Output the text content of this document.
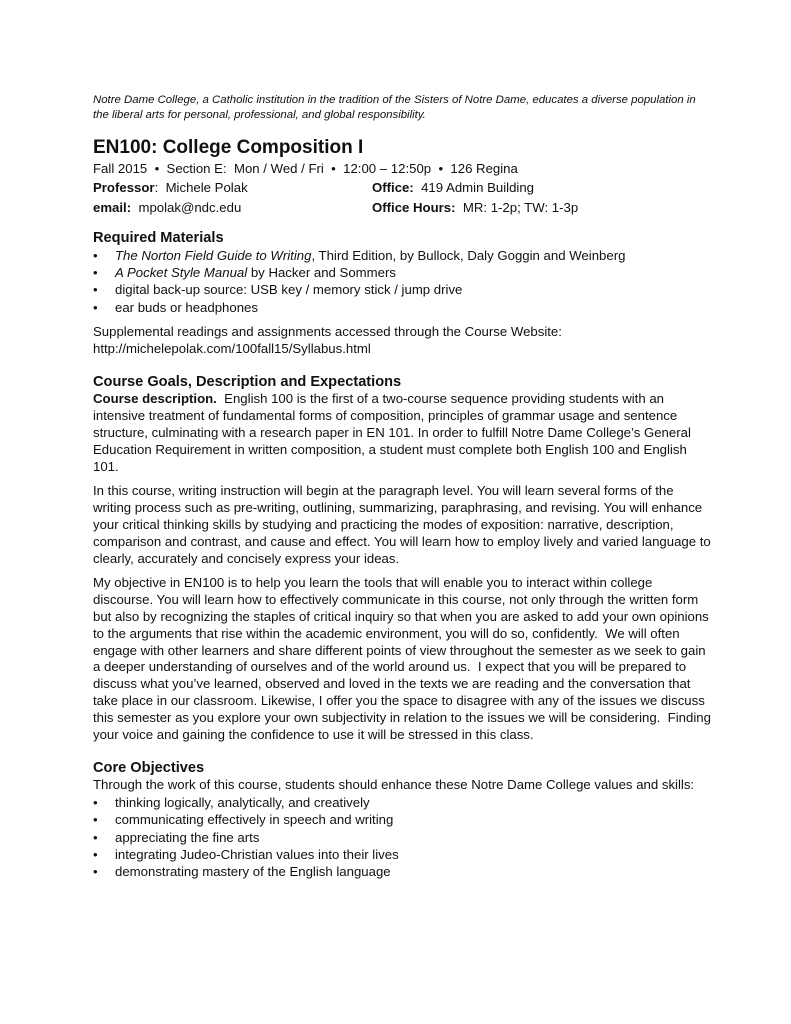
Notre Dame College, a Catholic institution in the tradition of the Sisters of Notre Dame, educates a diverse population in the liberal arts for personal, professional, and global responsibility.

EN100: College Composition I
Fall 2015  •  Section E:  Mon / Wed / Fri  •  12:00 – 12:50p  •  126 Regina
Professor:  Michele Polak	Office:  419 Admin Building
email:  mpolak@ndc.edu	Office Hours:  MR: 1-2p; TW: 1-3p
Required Materials
• The Norton Field Guide to Writing, Third Edition, by Bullock, Daly Goggin and Weinberg
• A Pocket Style Manual by Hacker and Sommers
• digital back-up source: USB key / memory stick / jump drive
• ear buds or headphones

Supplemental readings and assignments accessed through the Course Website:

http://michelepolak.com/100fall15/Syllabus.html

Course Goals, Description and Expectations

Course description.  English 100 is the first of a two-course sequence providing students with an intensive treatment of fundamental forms of composition, principles of grammar usage and sentence structure, culminating with a research paper in EN 101. In order to fulfill Notre Dame College’s General Education Requirement in written composition, a student must complete both English 100 and English 101.

In this course, writing instruction will begin at the paragraph level. You will learn several forms of the writing process such as pre-writing, outlining, summarizing, paraphrasing, and revising. You will enhance your critical thinking skills by studying and practicing the modes of exposition: narrative, description, comparison and contrast, and cause and effect. You will learn how to employ lively and varied language to clearly, accurately and concisely express your ideas.

My objective in EN100 is to help you learn the tools that will enable you to interact within college discourse. You will learn how to effectively communicate in this course, not only through the written form but also by recognizing the staples of critical inquiry so that when you are asked to add your own opinions to the arguments that rise within the academic environment, you will do so, confidently.  We will often engage with other learners and share different points of view throughout the semester as we seek to gain a deeper understanding of ourselves and of the world around us.  I expect that you will be prepared to discuss what you’ve learned, observed and loved in the texts we are reading and the conversation that take place in our classroom. Likewise, I offer you the space to disagree with any of the issues we discuss this semester as you explore your own subjectivity in relation to the issues we will be considering.  Finding your voice and gaining the confidence to use it will be stressed in this class.

Core Objectives

Through the work of this course, students should enhance these Notre Dame College values and skills:

• thinking logically, analytically, and creatively
• communicating effectively in speech and writing
• appreciating the fine arts
• integrating Judeo-Christian values into their lives
• demonstrating mastery of the English language
